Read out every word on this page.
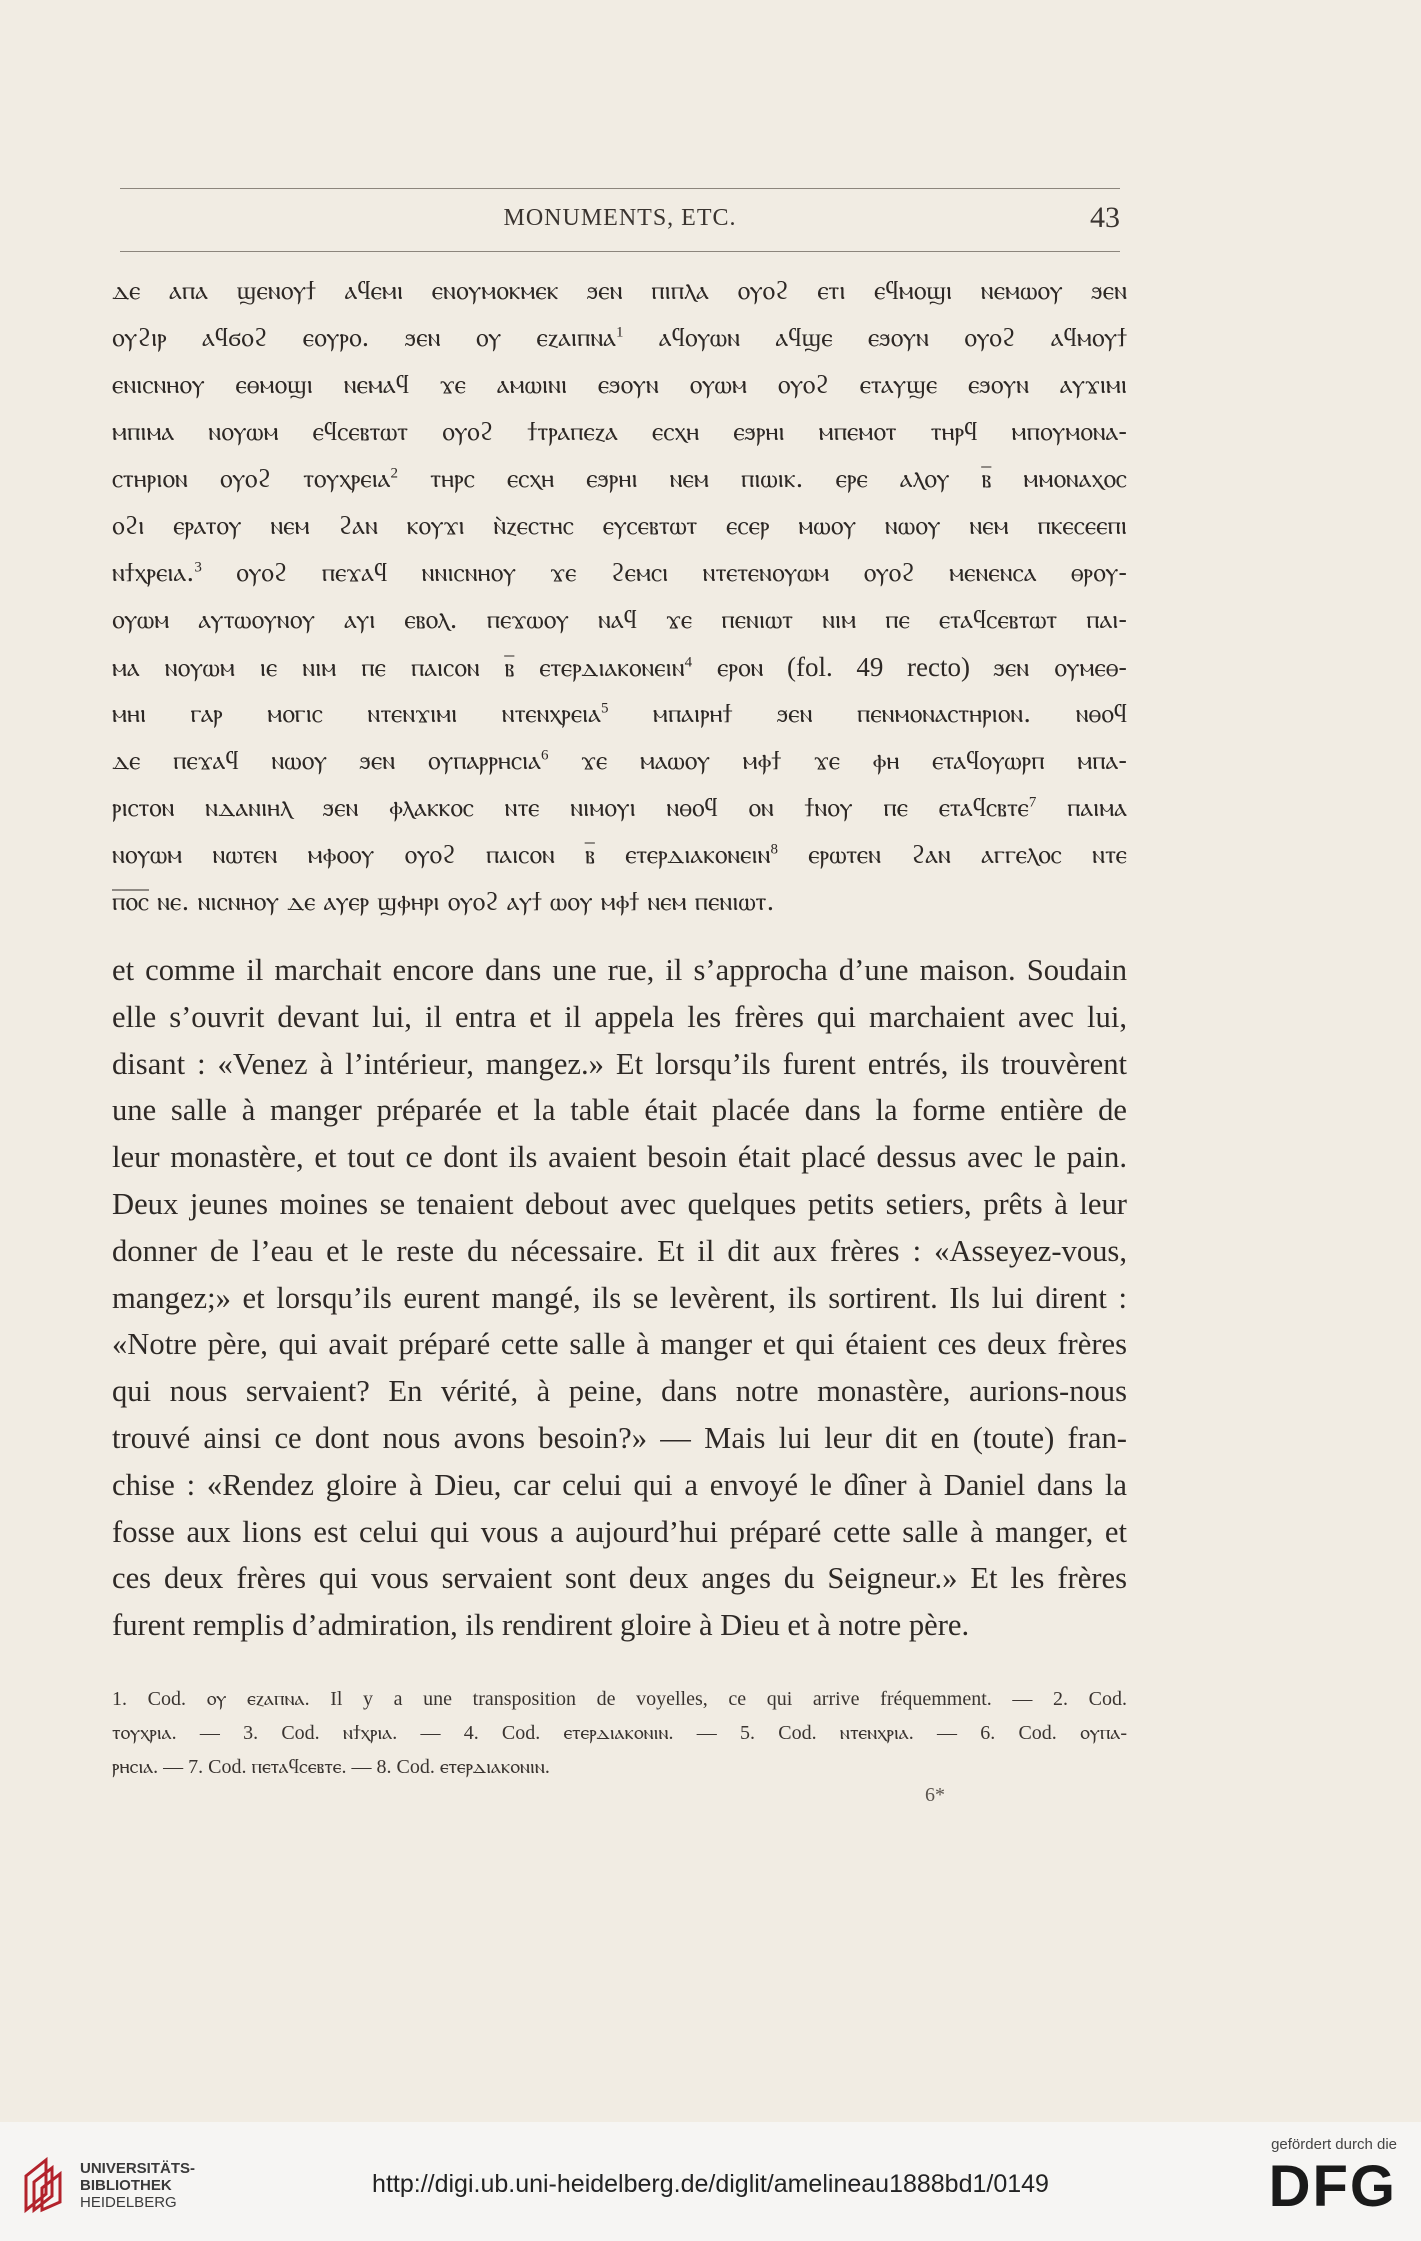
MONUMENTS, ETC.	43
ⲇⲉ ⲁⲡⲁ ϣⲉⲛⲟⲩϯ ⲁϥⲉⲙⲓ ⲉⲛⲟⲩⲙⲟⲕⲙⲉⲕ ϧⲉⲛ ⲡⲓⲡⲗⲁ ⲟⲩⲟϩ ⲉⲧⲓ ⲉϥⲙⲟϣⲓ ⲛⲉⲙⲱⲟⲩ ϧⲉⲛ
ⲟⲩϩⲓⲣ ⲁϥϭⲟϩ ⲉⲟⲩⲣⲟ. ϧⲉⲛ ⲟⲩ ⲉⲍⲁⲓⲡⲛⲁ$^1$ ⲁϥⲟⲩⲱⲛ ⲁϥϣⲉ ⲉϧⲟⲩⲛ ⲟⲩⲟϩ ⲁϥⲙⲟⲩϯ
ⲉⲛⲓⲥⲛⲏⲟⲩ ⲉⲑⲙⲟϣⲓ ⲛⲉⲙⲁϥ ϫⲉ ⲁⲙⲱⲓⲛⲓ ⲉϧⲟⲩⲛ ⲟⲩⲱⲙ ⲟⲩⲟϩ ⲉⲧⲁⲩϣⲉ ⲉϧⲟⲩⲛ ⲁⲩϫⲓⲙⲓ
ⲙⲡⲓⲙⲁ ⲛⲟⲩⲱⲙ ⲉϥⲥⲉⲃⲧⲱⲧ ⲟⲩⲟϩ ϯⲧⲣⲁⲡⲉⲍⲁ ⲉⲥⲭⲏ ⲉϧⲣⲏⲓ ⲙⲡⲉⲙⲟⲧ ⲧⲏⲣϥ ⲙⲡⲟⲩⲙⲟⲛⲁ-
ⲥⲧⲏⲣⲓⲟⲛ ⲟⲩⲟϩ ⲧⲟⲩⲭⲣⲉⲓⲁ$^2$ ⲧⲏⲣⲥ ⲉⲥⲭⲏ ⲉϧⲣⲏⲓ ⲛⲉⲙ ⲡⲓⲱⲓⲕ. ⲉⲣⲉ ⲁⲗⲟⲩ ⲃ̅ ⲙⲙⲟⲛⲁⲭⲟⲥ
ⲟϩⲓ ⲉⲣⲁⲧⲟⲩ ⲛⲉⲙ ϩⲁⲛ ⲕⲟⲩϫⲓ ⲛ̀ⲍⲉⲥⲧⲏⲥ ⲉⲩⲥⲉⲃⲧⲱⲧ ⲉⲥⲉⲣ ⲙⲱⲟⲩ ⲛⲱⲟⲩ ⲛⲉⲙ ⲡⲕⲉⲥⲉⲉⲡⲓ
ⲛϯⲭⲣⲉⲓⲁ.$^3$ ⲟⲩⲟϩ ⲡⲉϫⲁϥ ⲛⲛⲓⲥⲛⲏⲟⲩ ϫⲉ ϩⲉⲙⲥⲓ ⲛⲧⲉⲧⲉⲛⲟⲩⲱⲙ ⲟⲩⲟϩ ⲙⲉⲛⲉⲛⲥⲁ ⲑⲣⲟⲩ-
ⲟⲩⲱⲙ ⲁⲩⲧⲱⲟⲩⲛⲟⲩ ⲁⲩⲓ ⲉⲃⲟⲗ. ⲡⲉϫⲱⲟⲩ ⲛⲁϥ ϫⲉ ⲡⲉⲛⲓⲱⲧ ⲛⲓⲙ ⲡⲉ ⲉⲧⲁϥⲥⲉⲃⲧⲱⲧ ⲡⲁⲓ-
ⲙⲁ ⲛⲟⲩⲱⲙ ⲓⲉ ⲛⲓⲙ ⲡⲉ ⲡⲁⲓⲥⲟⲛ ⲃ̅ ⲉⲧⲉⲣⲇⲓⲁⲕⲟⲛⲉⲓⲛ$^4$ ⲉⲣⲟⲛ (fol. 49 recto) ϧⲉⲛ ⲟⲩⲙⲉⲑ-
ⲙⲏⲓ ⲅⲁⲣ ⲙⲟⲅⲓⲥ ⲛⲧⲉⲛϫⲓⲙⲓ ⲛⲧⲉⲛⲭⲣⲉⲓⲁ$^5$ ⲙⲡⲁⲓⲣⲏϯ ϧⲉⲛ ⲡⲉⲛⲙⲟⲛⲁⲥⲧⲏⲣⲓⲟⲛ. ⲛⲑⲟϥ
ⲇⲉ ⲡⲉϫⲁϥ ⲛⲱⲟⲩ ϧⲉⲛ ⲟⲩⲡⲁⲣⲣⲏⲥⲓⲁ$^6$ ϫⲉ ⲙⲁⲱⲟⲩ ⲙⲫϯ ϫⲉ ⲫⲏ ⲉⲧⲁϥⲟⲩⲱⲣⲡ ⲙⲡⲁ-
ⲣⲓⲥⲧⲟⲛ ⲛⲇⲁⲛⲓⲏⲗ ϧⲉⲛ ⲫⲗⲁⲕⲕⲟⲥ ⲛⲧⲉ ⲛⲓⲙⲟⲩⲓ ⲛⲑⲟϥ ⲟⲛ ϯⲛⲟⲩ ⲡⲉ ⲉⲧⲁϥⲥⲃⲧⲉ$^7$ ⲡⲁⲓⲙⲁ
ⲛⲟⲩⲱⲙ ⲛⲱⲧⲉⲛ ⲙⲫⲟⲟⲩ ⲟⲩⲟϩ ⲡⲁⲓⲥⲟⲛ ⲃ̅ ⲉⲧⲉⲣⲇⲓⲁⲕⲟⲛⲉⲓⲛ$^8$ ⲉⲣⲱⲧⲉⲛ ϩⲁⲛ ⲁⲅⲅⲉⲗⲟⲥ ⲛⲧⲉ
ⲡ̅ⲟ̅ⲥ̅ ⲛⲉ. ⲛⲓⲥⲛⲏⲟⲩ ⲇⲉ ⲁⲩⲉⲣ ϣⲫⲏⲣⲓ ⲟⲩⲟϩ ⲁⲩϯ ⲱⲟⲩ ⲙⲫϯ ⲛⲉⲙ ⲡⲉⲛⲓⲱⲧ.
et comme il marchait encore dans une rue, il s’approcha d’une maison. Soudain
elle s’ouvrit devant lui, il entra et il appela les frères qui marchaient avec lui,
disant : «Venez à l’intérieur, mangez.» Et lorsqu’ils furent entrés, ils trouvèrent
une salle à manger préparée et la table était placée dans la forme entière de
leur monastère, et tout ce dont ils avaient besoin était placé dessus avec le pain.
Deux jeunes moines se tenaient debout avec quelques petits setiers, prêts à leur
donner de l’eau et le reste du nécessaire. Et il dit aux frères : «Asseyez-vous,
mangez;» et lorsqu’ils eurent mangé, ils se levèrent, ils sortirent. Ils lui dirent :
«Notre père, qui avait préparé cette salle à manger et qui étaient ces deux frères
qui nous servaient? En vérité, à peine, dans notre monastère, aurions-nous
trouvé ainsi ce dont nous avons besoin?» — Mais lui leur dit en (toute) fran-
chise : «Rendez gloire à Dieu, car celui qui a envoyé le dîner à Daniel dans la
fosse aux lions est celui qui vous a aujourd’hui préparé cette salle à manger, et
ces deux frères qui vous servaient sont deux anges du Seigneur.» Et les frères
furent remplis d’admiration, ils rendirent gloire à Dieu et à notre père.
1. Cod. ⲟⲩ ⲉⲍⲁⲡⲛⲁ. Il y a une transposition de voyelles, ce qui arrive fréquemment. — 2. Cod.
ⲧⲟⲩⲭⲣⲓⲁ. — 3. Cod. ⲛϯⲭⲣⲓⲁ. — 4. Cod. ⲉⲧⲉⲣⲇⲓⲁⲕⲟⲛⲓⲛ. — 5. Cod. ⲛⲧⲉⲛⲭⲣⲓⲁ. — 6. Cod. ⲟⲩⲡⲁ-
ⲣⲏⲥⲓⲁ. — 7. Cod. ⲡⲉⲧⲁϥⲥⲉⲃⲧⲉ. — 8. Cod. ⲉⲧⲉⲣⲇⲓⲁⲕⲟⲛⲓⲛ.
6*
UNIVERSITÄTS-
BIBLIOTHEK
HEIDELBERG
http://digi.ub.uni-heidelberg.de/diglit/amelineau1888bd1/0149
gefördert durch die
DFG
